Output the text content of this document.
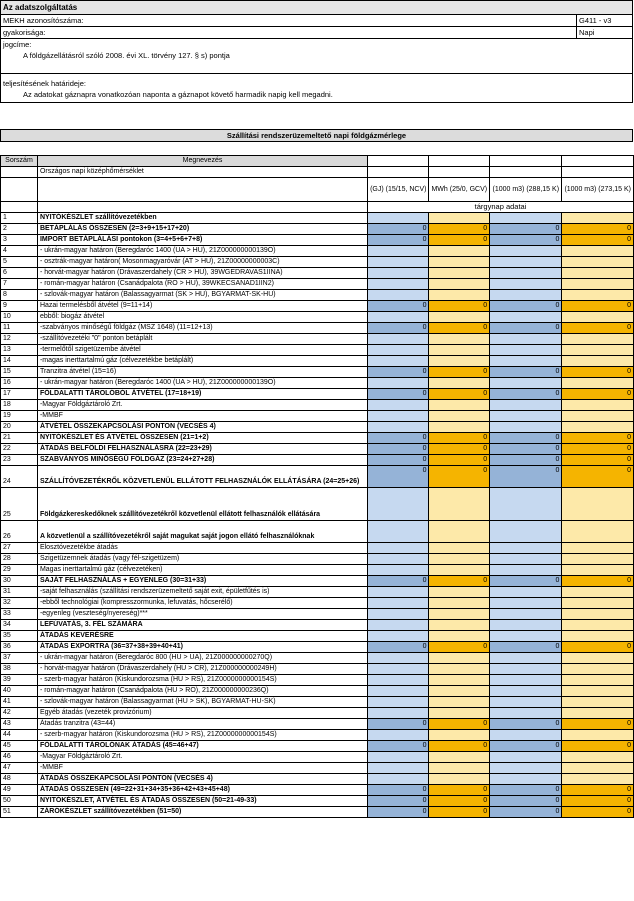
Az adatszolgáltatás
MEKH azonosítószáma:	G411 - v3
gyakorisága:	Napi
jogcíme:
A földgázellátásról szóló 2008. évi XL. törvény 127. § s) pontja
teljesítésének határideje:
Az adatokat gáznapra vonatkozóan naponta a gáznapot követő harmadik napig kell megadni.
Szállítási rendszerüzemeltető napi földgázmérlege
Sorszám	Megnevezés				
	Országos napi középhőmérséklet				
		(GJ) (15/15, NCV)	MWh (25/0, GCV)	(1000 m3) (288,15 K)	(1000 m3) (273,15 K)
		tárgynap adatai			
1	NYITÓKÉSZLET szállítóvezetékben				
2	BETÁPLÁLÁS ÖSSZESEN (2=3+9+15+17+20)	0	0	0	0
3	IMPORT BETÁPLÁLÁSI pontokon (3=4+5+6+7+8)	0	0	0	0
4	- ukrán-magyar határon (Beregdaróc 1400 (UA > HU), 21Z000000000139O)				
5	- osztrák-magyar határon( Mosonmagyaróvár (AT > HU), 21Z00000000003C)				
6	- horvát-magyar határon (Drávaszerdahely (CR > HU), 39WGEDRAVAS1IINA)				
7	- román-magyar határon (Csanádpalota (RO > HU), 39WKECSANAD1IIN2)				
8	- szlovák-magyar határon (Balassagyarmat (SK > HU), BGYARMAT-SK-HU)				
9	Hazai termelésből átvétel (9=11+14)	0	0	0	0
10	ebből: biogáz átvétel				
11	-szabványos minőségű földgáz (MSZ 1648) (11=12+13)	0	0	0	0
12	-szállítóvezetéki "0" ponton betáplált				
13	-termelőtől szigetüzembe átvétel				
14	-magas inerttartalmú gáz (célvezetékbe betáplált)				
15	Tranzitra átvétel (15=16)	0	0	0	0
16	- ukrán-magyar határon (Beregdaróc 1400 (UA > HU), 21Z000000000139O)				
17	FÖLDALATTI TÁROLÓBÓL ÁTVÉTEL (17=18+19)	0	0	0	0
18	-Magyar Földgáztároló Zrt.				
19	-MMBF				
20	ÁTVÉTEL ÖSSZEKAPCSOLÁSI PONTON (VECSÉS 4)				
21	NYITÓKÉSZLET ÉS ÁTVÉTEL ÖSSZESEN (21=1+2)	0	0	0	0
22	ÁTADÁS BELFÖLDI FELHASZNÁLÁSRA (22=23+29)	0	0	0	0
23	SZABVÁNYOS MINŐSÉGŰ FÖLDGÁZ (23=24+27+28)	0	0	0	0
24	SZÁLLÍTÓVEZETÉKRŐL KÖZVETLENÜL ELLÁTOTT FELHASZNÁLÓK ELLÁTÁSÁRA (24=25+26)	0	0	0	0
25	Földgázkereskedőknek szállítóvezetékről közvetlenül ellátott felhasználók ellátására				
26	A közvetlenül a szállítóvezetékről saját magukat saját jogon ellátó felhasználóknak				
27	Elosztóvezetékbe átadás				
28	Szigetüzemnek átadás (vagy fél-szigetüzem)				
29	Magas inerttartalmú gáz (célvezetéken)				
30	SAJÁT FELHASZNÁLÁS + EGYENLEG (30=31+33)	0	0	0	0
31	-saját felhasználás (szállítási rendszerüzemeltető saját exit, épületfűtés is)				
32	-ebből technológiai (kompresszormunka, lefuvatás, hőcserélő)				
33	-egyenleg (veszteség/nyereség)***				
34	LEFÚVATÁS, 3. FÉL SZÁMÁRA				
35	ÁTADÁS KEVERÉSRE				
36	ÁTADÁS EXPORTRA (36=37+38+39+40+41)	0	0	0	0
37	- ukrán-magyar határon (Beregdaróc 800 (HU > UA), 21Z000000000270Q)				
38	- horvát-magyar határon (Drávaszerdahely (HU > CR), 21Z000000000249H)				
39	- szerb-magyar határon (Kiskundorozsma (HU > RS), 21Z0000000000154S)				
40	- román-magyar határon (Csanádpalota (HU > RO), 21Z000000000236Q)				
41	- szlovák-magyar határon (Balassagyarmat (HU > SK), BGYARMAT-HU-SK)				
42	Egyéb átadás (vezeték provizórium)				
43	Átadás tranzitra (43=44)	0	0	0	0
44	- szerb-magyar határon (Kiskundorozsma (HU > RS), 21Z0000000000154S)				
45	FÖLDALATTI TÁROLÓNAK ÁTADÁS (45=46+47)	0	0	0	0
46	-Magyar Földgáztároló Zrt.				
47	-MMBF				
48	ÁTADÁS ÖSSZEKAPCSOLÁSI PONTON (VECSÉS 4)				
49	ÁTADÁS ÖSSZESEN (49=22+31+34+35+36+42+43+45+48)	0	0	0	0
50	NYITÓKÉSZLET, ÁTVÉTEL ÉS ÁTADÁS ÖSSZESEN (50=21-49-33)	0	0	0	0
51	ZÁRÓKÉSZLET szállítóvezetékben (51=50)	0	0	0	0
